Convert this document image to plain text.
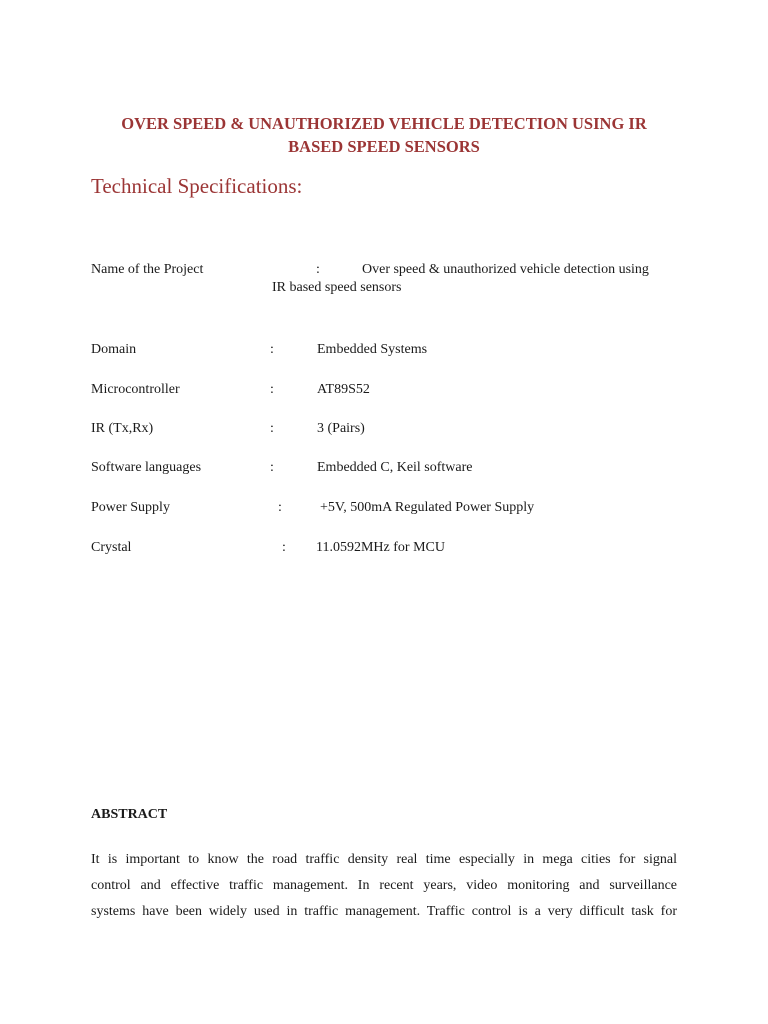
OVER SPEED & UNAUTHORIZED VEHICLE DETECTION USING IR
BASED SPEED SENSORS
Technical Specifications:
Name of the Project	:	Over speed & unauthorized vehicle detection using
IR based speed sensors
Domain	:	Embedded Systems
Microcontroller	:	AT89S52
IR (Tx,Rx)	:	3 (Pairs)
Software languages	:	Embedded C, Keil software
Power Supply	:	+5V, 500mA Regulated Power Supply
Crystal	: 11.0592MHz for MCU
ABSTRACT
It is important to know the road traffic density real time especially in mega cities for signal
control and effective traffic management. In recent years, video monitoring and surveillance
systems have been widely used in traffic management. Traffic control is a very difficult task for
